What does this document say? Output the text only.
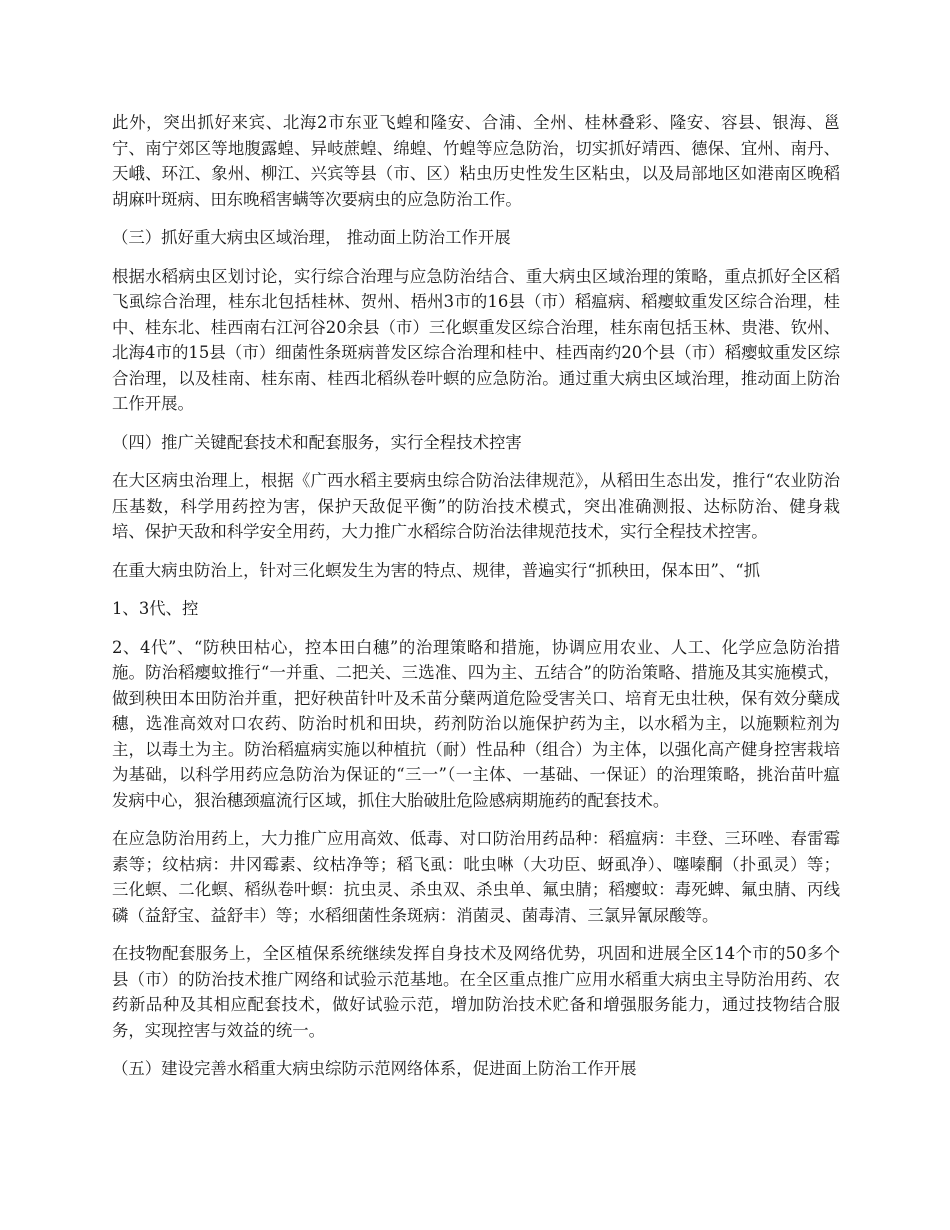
此外，突出抓好来宾、北海2市东亚飞蝗和隆安、合浦、全州、桂林叠彩、隆安、容县、银海、邕宁、南宁郊区等地腹露蝗、异岐蔗蝗、绵蝗、竹蝗等应急防治，切实抓好靖西、德保、宜州、南丹、天峨、环江、象州、柳江、兴宾等县（市、区）粘虫历史性发生区粘虫，以及局部地区如港南区晚稻胡麻叶斑病、田东晚稻害螨等次要病虫的应急防治工作。

（三）抓好重大病虫区域治理， 推动面上防治工作开展

根据水稻病虫区划讨论，实行综合治理与应急防治结合、重大病虫区域治理的策略，重点抓好全区稻飞虱综合治理，桂东北包括桂林、贺州、梧州3市的16县（市）稻瘟病、稻瘿蚊重发区综合治理，桂中、桂东北、桂西南右江河谷20余县（市）三化螟重发区综合治理，桂东南包括玉林、贵港、钦州、北海4市的15县（市）细菌性条斑病普发区综合治理和桂中、桂西南约20个县（市）稻瘿蚊重发区综合治理，以及桂南、桂东南、桂西北稻纵卷叶螟的应急防治。通过重大病虫区域治理，推动面上防治工作开展。

（四）推广关键配套技术和配套服务，实行全程技术控害

在大区病虫治理上，根据《广西水稻主要病虫综合防治法律规范》，从稻田生态出发，推行“农业防治压基数，科学用药控为害，保护天敌促平衡”的防治技术模式，突出准确测报、达标防治、健身栽培、保护天敌和科学安全用药，大力推广水稻综合防治法律规范技术，实行全程技术控害。

在重大病虫防治上，针对三化螟发生为害的特点、规律，普遍实行“抓秧田，保本田”、“抓

1、3代、控

2、4代”、“防秧田枯心，控本田白穗”的治理策略和措施，协调应用农业、人工、化学应急防治措施。防治稻瘿蚊推行“一并重、二把关、三选准、四为主、五结合”的防治策略、措施及其实施模式，做到秧田本田防治并重，把好秧苗针叶及禾苗分蘖两道危险受害关口、培育无虫壮秧，保有效分蘖成穗，选准高效对口农药、防治时机和田块，药剂防治以施保护药为主，以水稻为主，以施颗粒剂为主，以毒土为主。防治稻瘟病实施以种植抗（耐）性品种（组合）为主体，以强化高产健身控害栽培为基础，以科学用药应急防治为保证的“三一”（一主体、一基础、一保证）的治理策略，挑治苗叶瘟发病中心，狠治穗颈瘟流行区域，抓住大胎破肚危险感病期施药的配套技术。

在应急防治用药上，大力推广应用高效、低毒、对口防治用药品种：稻瘟病：丰登、三环唑、春雷霉素等；纹枯病：井冈霉素、纹枯净等；稻飞虱：吡虫啉（大功臣、蚜虱净）、噻嗪酮（扑虱灵）等；三化螟、二化螟、稻纵卷叶螟：抗虫灵、杀虫双、杀虫单、氟虫腈；稻瘿蚊：毒死蜱、氟虫腈、丙线磷（益舒宝、益舒丰）等；水稻细菌性条斑病：消菌灵、菌毒清、三氯异氰尿酸等。

在技物配套服务上，全区植保系统继续发挥自身技术及网络优势，巩固和进展全区14个市的50多个县（市）的防治技术推广网络和试验示范基地。在全区重点推广应用水稻重大病虫主导防治用药、农药新品种及其相应配套技术，做好试验示范，增加防治技术贮备和增强服务能力，通过技物结合服务，实现控害与效益的统一。

（五）建设完善水稻重大病虫综防示范网络体系，促进面上防治工作开展
